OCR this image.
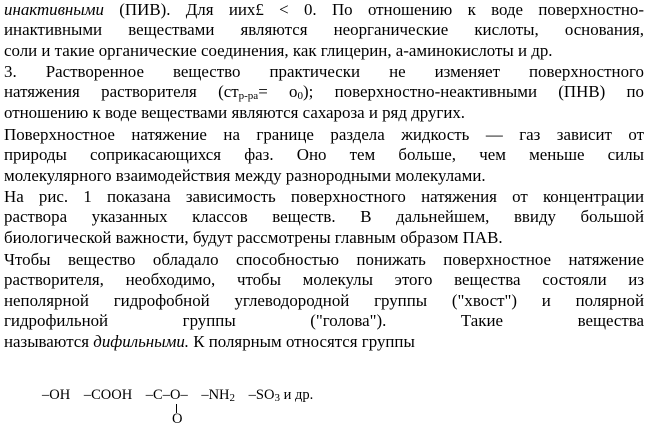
инактивными (ПИВ). Для иих£ < 0. По отношению к воде поверхностно-
инактивными веществами являются неорганические кислоты, основания,
соли и такие органические соединения, как глицерин, а-аминокислоты и др.
3. Растворенное вещество практически не изменяет поверхностного
натяжения растворителя $(ст_{р-ра}= о_0)$; поверхностно-неактивными (ПНВ) по
отношению к воде веществами являются сахароза и ряд других.
Поверхностное натяжение на границе раздела жидкость — газ зависит от
природы соприкасающихся фаз. Оно тем больше, чем меньше силы
молекулярного взаимодействия между разнородными молекулами.
На рис. 1 показана зависимость поверхностного натяжения от концентрации
раствора указанных классов веществ. В дальнейшем, ввиду большой
биологической важности, будут рассмотрены главным образом ПАВ.
Чтобы вещество обладало способностью понижать поверхностное натяжение
растворителя, необходимо, чтобы молекулы этого вещества состояли из
неполярной гидрофобной углеводородной группы ("хвост") и полярной
гидрофильной группы ("голова"). Такие вещества
называются дифильными. К полярным относятся группы
–OH –COOH –C–O– $-NH_2$ $-SO_3$ и др.
O
